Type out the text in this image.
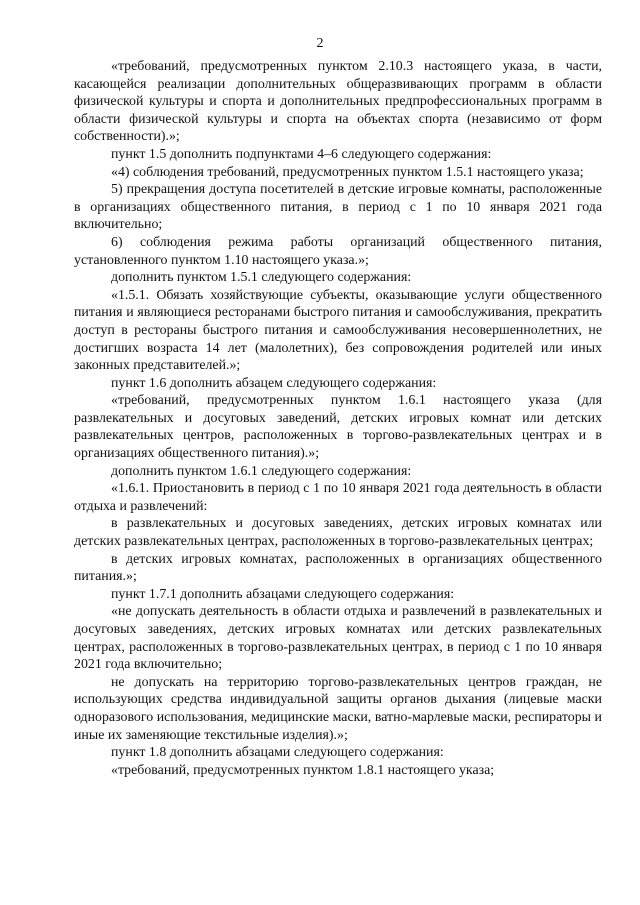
2

«требований, предусмотренных пунктом 2.10.3 настоящего указа, в части, касающейся реализации дополнительных общеразвивающих программ в области физической культуры и спорта и дополнительных предпрофессиональных программ в области физической культуры и спорта на объектах спорта (независимо от форм собственности).»;

пункт 1.5 дополнить подпунктами 4–6 следующего содержания:

«4) соблюдения требований, предусмотренных пунктом 1.5.1 настоящего указа;

5) прекращения доступа посетителей в детские игровые комнаты, расположенные в организациях общественного питания, в период с 1 по 10 января 2021 года включительно;

6) соблюдения режима работы организаций общественного питания, установленного пунктом 1.10 настоящего указа.»;

дополнить пунктом 1.5.1 следующего содержания:

«1.5.1. Обязать хозяйствующие субъекты, оказывающие услуги общественного питания и являющиеся ресторанами быстрого питания и самообслуживания, прекратить доступ в рестораны быстрого питания и самообслуживания несовершеннолетних, не достигших возраста 14 лет (малолетних), без сопровождения родителей или иных законных представителей.»;

пункт 1.6 дополнить абзацем следующего содержания:

«требований, предусмотренных пунктом 1.6.1 настоящего указа (для развлекательных и досуговых заведений, детских игровых комнат или детских развлекательных центров, расположенных в торгово-развлекательных центрах и в организациях общественного питания).»;

дополнить пунктом 1.6.1 следующего содержания:

«1.6.1. Приостановить в период с 1 по 10 января 2021 года деятельность в области отдыха и развлечений:

в развлекательных и досуговых заведениях, детских игровых комнатах или детских развлекательных центрах, расположенных в торгово-развлекательных центрах;

в детских игровых комнатах, расположенных в организациях общественного питания.»;

пункт 1.7.1 дополнить абзацами следующего содержания:

«не допускать деятельность в области отдыха и развлечений в развлекательных и досуговых заведениях, детских игровых комнатах или детских развлекательных центрах, расположенных в торгово-развлекательных центрах, в период с 1 по 10 января 2021 года включительно;

не допускать на территорию торгово-развлекательных центров граждан, не использующих средства индивидуальной защиты органов дыхания (лицевые маски одноразового использования, медицинские маски, ватно-марлевые маски, респираторы и иные их заменяющие текстильные изделия).»;

пункт 1.8 дополнить абзацами следующего содержания:

«требований, предусмотренных пунктом 1.8.1 настоящего указа;
